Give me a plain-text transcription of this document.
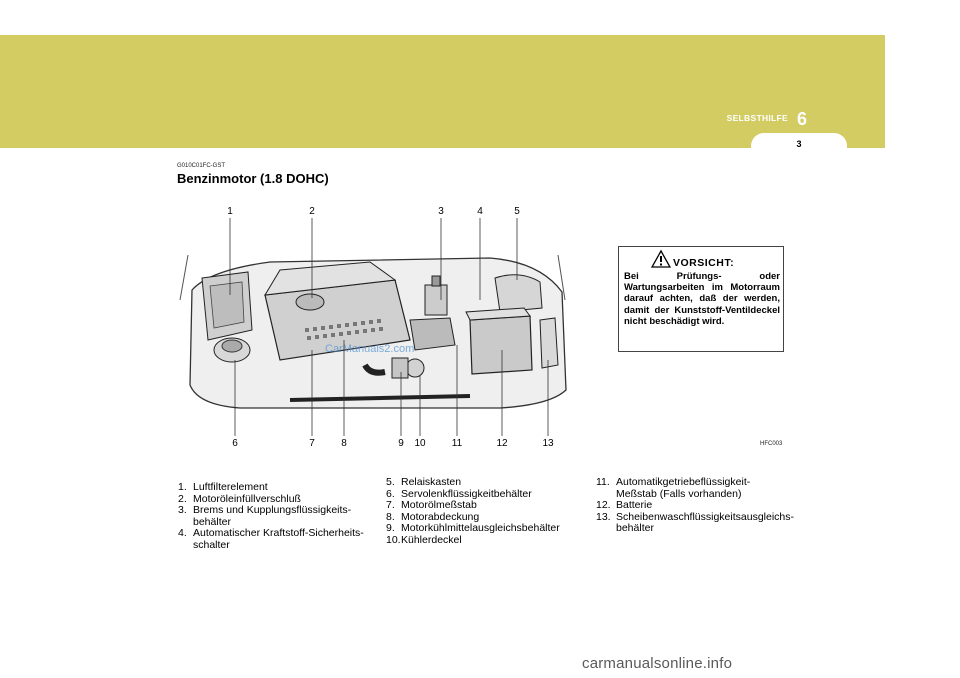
6
SELBSTHILFE
3
G010C01FC-GST
Benzinmotor (1.8 DOHC)
CarManuals2.com
1	2	3	4	5
6	7	8	9 10	11	12	13	HFC003
VORSICHT:
Bei Prüfungs- oder Wartungsarbeiten im Motorraum darauf achten, daß der werden, damit der Kunststoff-Ventildeckel nicht beschädigt wird.
1. Luftfilterelement
2. Motoröleinfüllverschluß
3. Brems und Kupplungsflüssigkeits- behälter
4. Automatischer Kraftstoff-Sicherheits- schalter
5. Relaiskasten
6. Servolenkflüssigkeitbehälter
7. Motorölmeßstab
8. Motorabdeckung
9. Motorkühlmittelausgleichsbehälter
10. Kühlerdeckel
11. Automatikgetriebeflüssigkeit- Meßstab (Falls vorhanden)
12. Batterie
13. Scheibenwaschflüssigkeitsausgleichs- behälter
carmanualsonline.info
